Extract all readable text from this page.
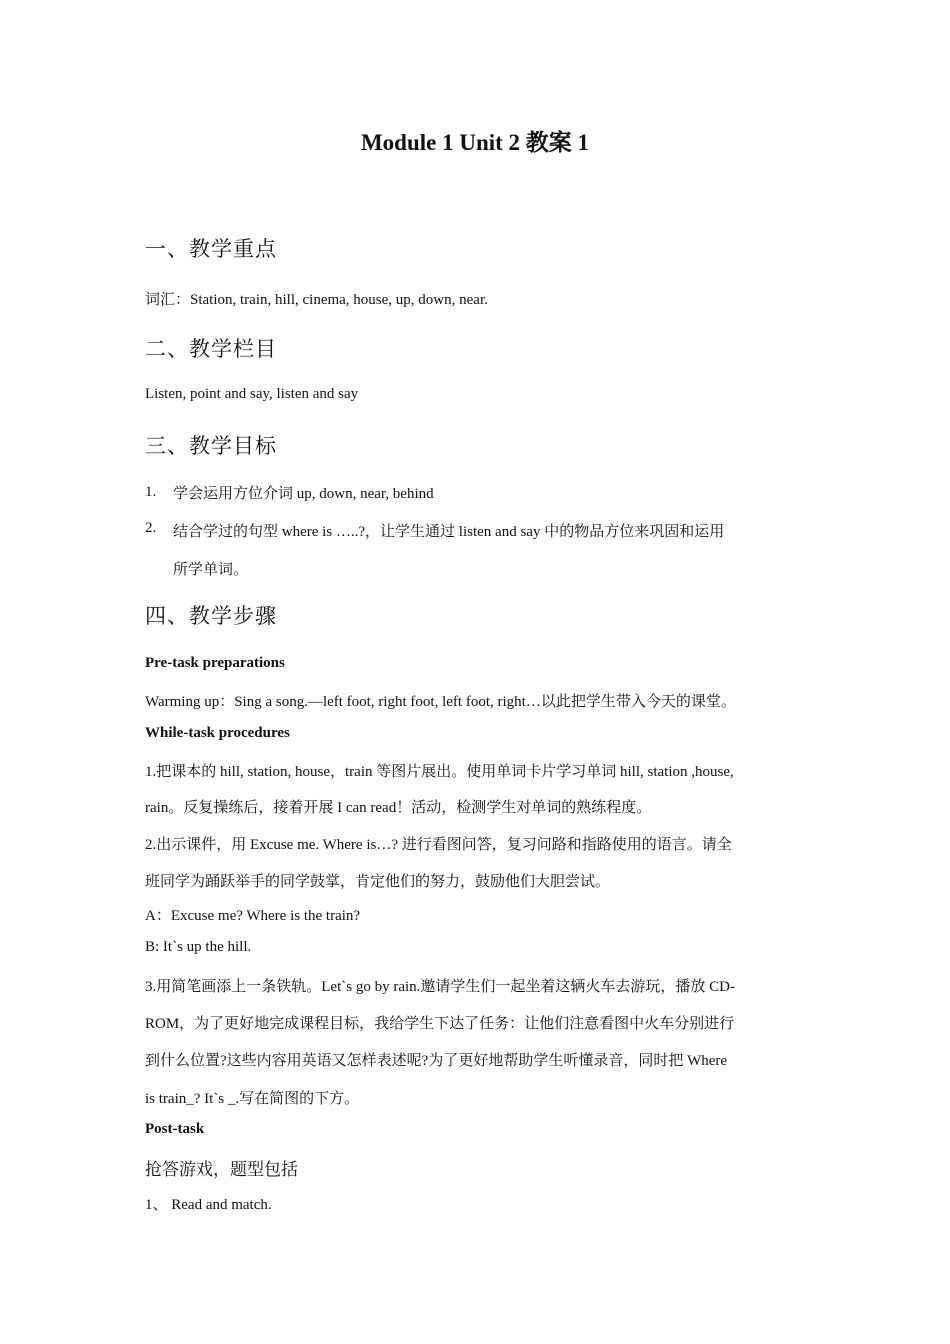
Module 1 Unit 2 教案 1
一、教学重点
词汇：Station, train, hill, cinema, house, up, down, near.
二、教学栏目
Listen, point and say, listen and say
三、教学目标
1. 学会运用方位介词 up, down, near, behind
2. 结合学过的句型 where is …..?，让学生通过 listen and say 中的物品方位来巩固和运用
所学单词。
四、教学步骤
Pre-task preparations
Warming up：Sing a song.—left foot, right foot, left foot, right…以此把学生带入今天的课堂。
While-task procedures
1.把课本的 hill, station, house，train 等图片展出。使用单词卡片学习单词 hill, station ,house,
rain。反复操练后，接着开展 I can read！活动，检测学生对单词的熟练程度。
2.出示课件，用 Excuse me. Where is…? 进行看图问答，复习问路和指路使用的语言。请全
班同学为踊跃举手的同学鼓掌，肯定他们的努力，鼓励他们大胆尝试。
A：Excuse me? Where is the train?
B: It`s up the hill.
3.用简笔画添上一条铁轨。Let`s go by rain.邀请学生们一起坐着这辆火车去游玩，播放 CD-
ROM，为了更好地完成课程目标，我给学生下达了任务：让他们注意看图中火车分别进行
到什么位置?这些内容用英语又怎样表述呢?为了更好地帮助学生听懂录音，同时把 Where
is train_? It`s _.写在简图的下方。
Post-task
抢答游戏，题型包括
1、 Read and match.
